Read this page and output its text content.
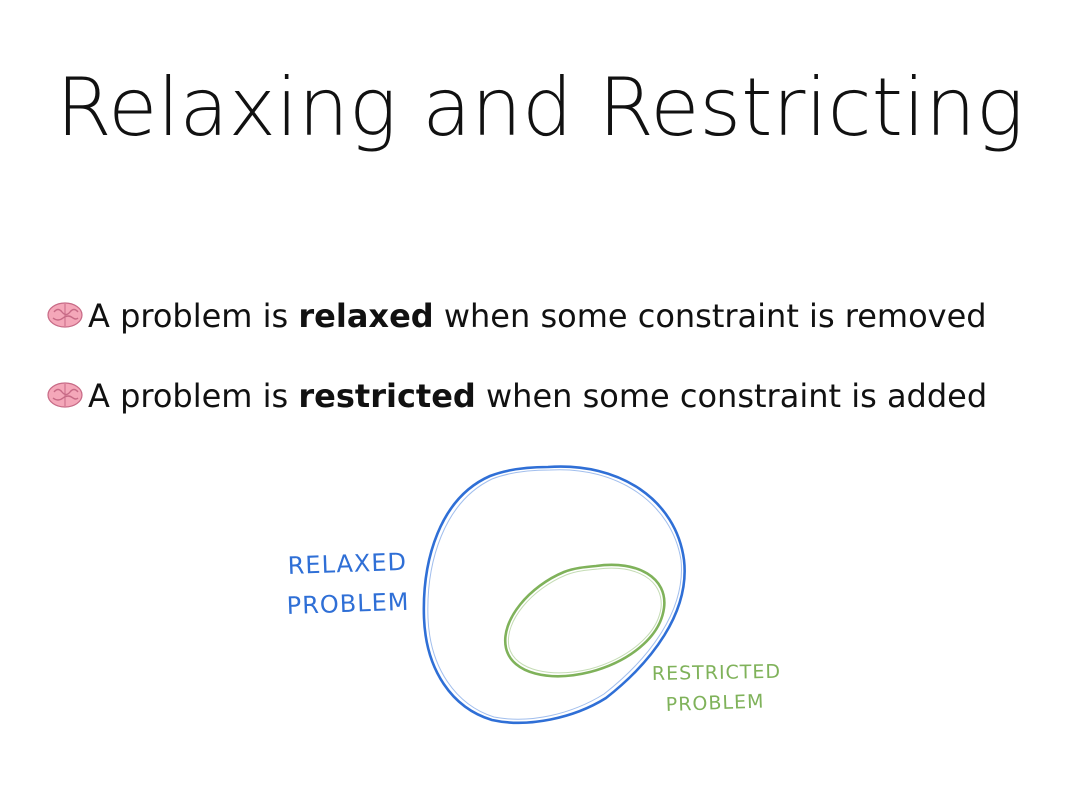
Relaxing and Restricting
A problem is relaxed when some constraint is removed
A problem is restricted when some constraint is added
RELAXED
PROBLEM
RESTRICTED
PROBLEM
